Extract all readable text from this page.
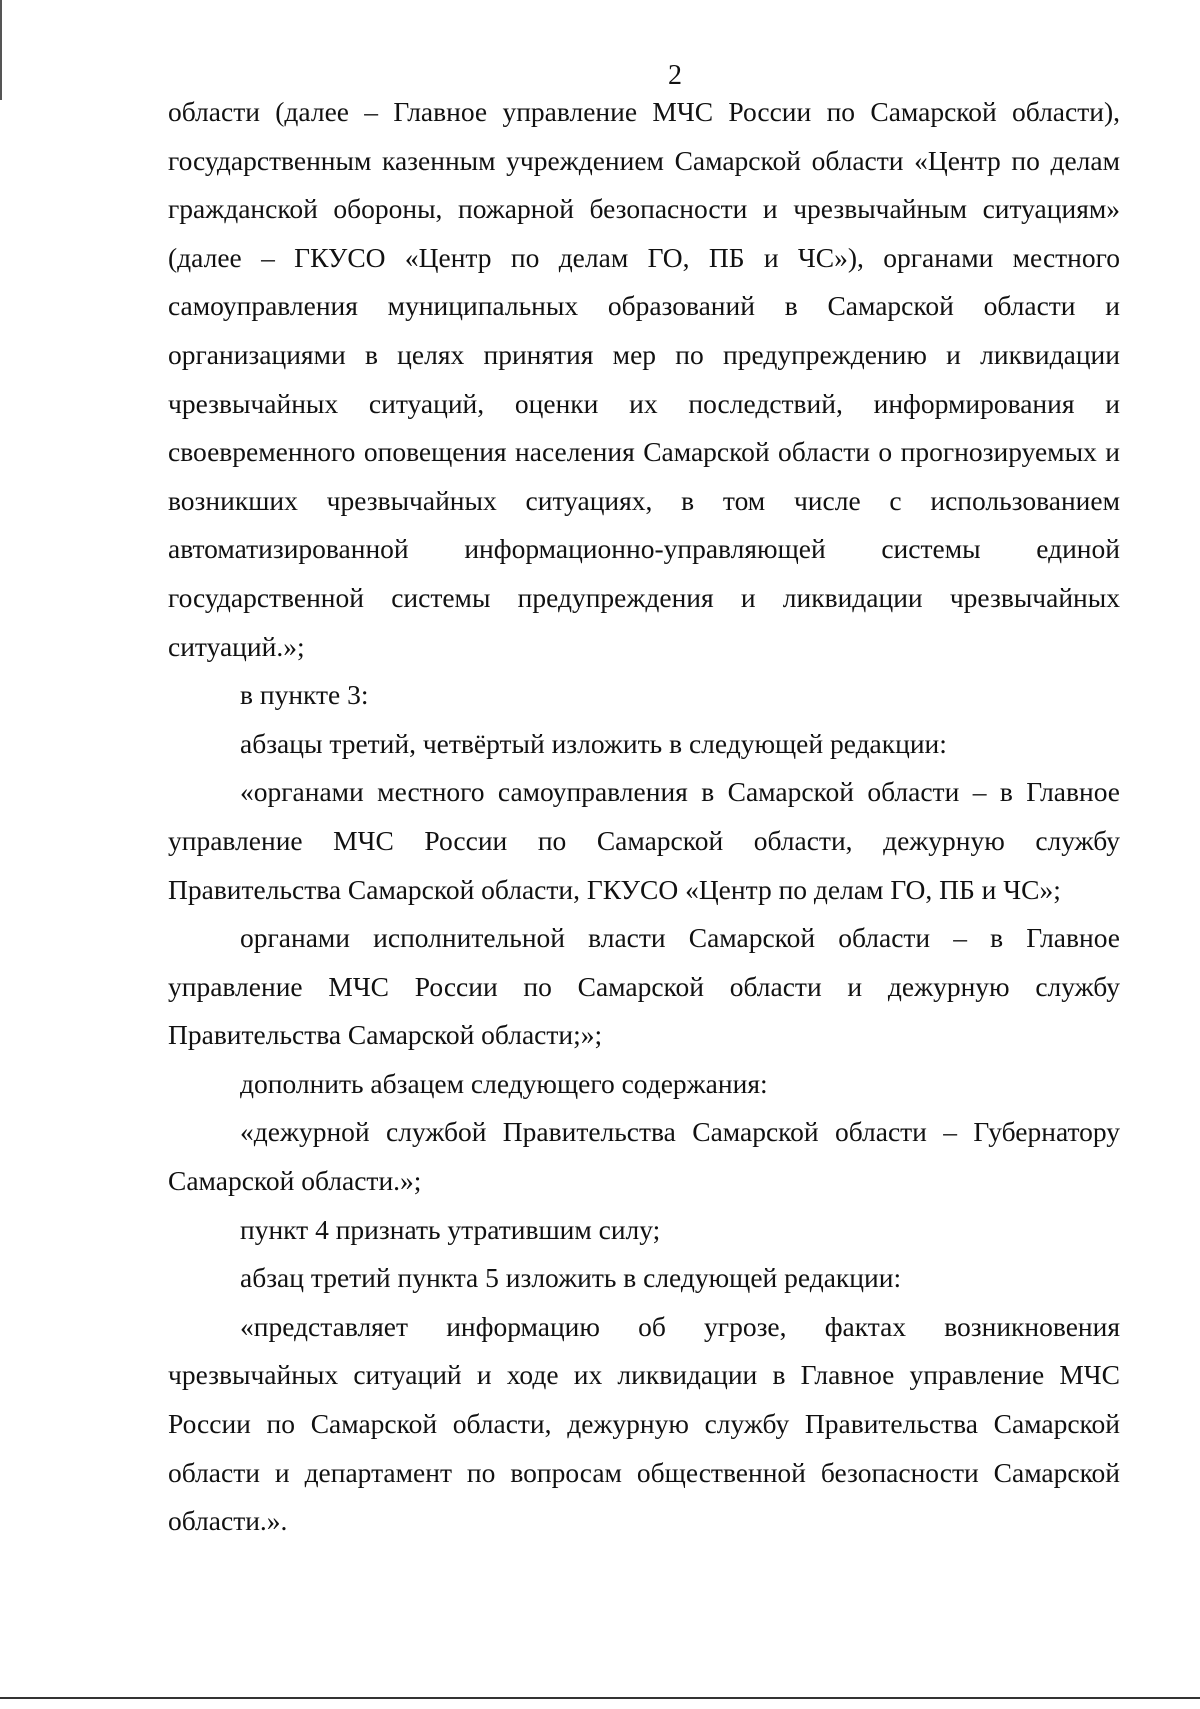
2

области (далее – Главное управление МЧС России по Самарской области), государственным казенным учреждением Самарской области «Центр по делам гражданской обороны, пожарной безопасности и чрезвычайным ситуациям» (далее – ГКУСО «Центр по делам ГО, ПБ и ЧС»), органами местного самоуправления муниципальных образований в Самарской области и организациями в целях принятия мер по предупреждению и ликвидации чрезвычайных ситуаций, оценки их последствий, информирования и своевременного оповещения населения Самарской области о прогнозируемых и возникших чрезвычайных ситуациях, в том числе с использованием автоматизированной информационно-управляющей системы единой государственной системы предупреждения и ликвидации чрезвычайных ситуаций.»;

в пункте 3:

абзацы третий, четвёртый изложить в следующей редакции:

«органами местного самоуправления в Самарской области – в Главное управление МЧС России по Самарской области, дежурную службу Правительства Самарской области, ГКУСО «Центр по делам ГО, ПБ и ЧС»;

органами исполнительной власти Самарской области – в Главное управление МЧС России по Самарской области и дежурную службу Правительства Самарской области;»;

дополнить абзацем следующего содержания:

«дежурной службой Правительства Самарской области – Губернатору Самарской области.»;

пункт 4 признать утратившим силу;

абзац третий пункта 5 изложить в следующей редакции:

«представляет информацию об угрозе, фактах возникновения чрезвычайных ситуаций и ходе их ликвидации в Главное управление МЧС России по Самарской области, дежурную службу Правительства Самарской области и департамент по вопросам общественной безопасности Самарской области.».
